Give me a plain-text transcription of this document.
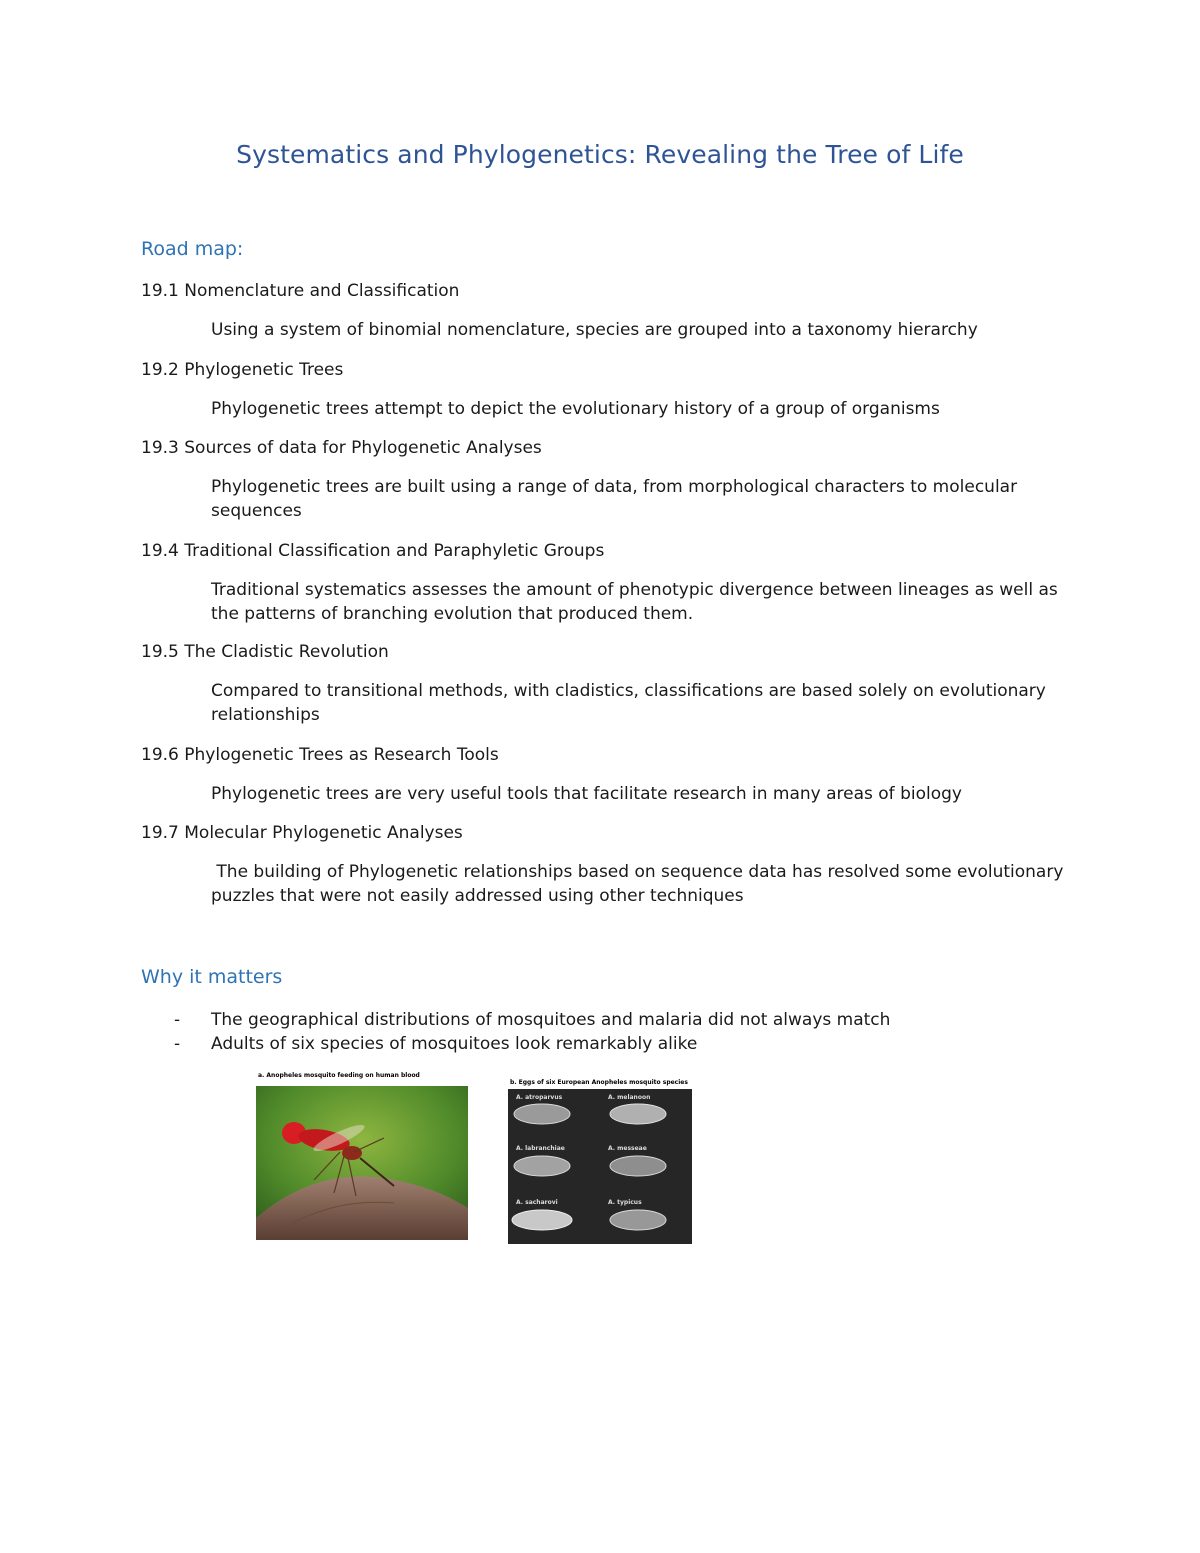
Systematics and Phylogenetics: Revealing the Tree of Life
Road map:
19.1 Nomenclature and Classification
Using a system of binomial nomenclature, species are grouped into a taxonomy hierarchy
19.2 Phylogenetic Trees
Phylogenetic trees attempt to depict the evolutionary history of a group of organisms
19.3 Sources of data for Phylogenetic Analyses
Phylogenetic trees are built using a range of data, from morphological characters to molecular sequences
19.4 Traditional Classification and Paraphyletic Groups
Traditional systematics assesses the amount of phenotypic divergence between lineages as well as the patterns of branching evolution that produced them.
19.5 The Cladistic Revolution
Compared to transitional methods, with cladistics, classifications are based solely on evolutionary relationships
19.6 Phylogenetic Trees as Research Tools
Phylogenetic trees are very useful tools that facilitate research in many areas of biology
19.7 Molecular Phylogenetic Analyses
The building of Phylogenetic relationships based on sequence data has resolved some evolutionary puzzles that were not easily addressed using other techniques
Why it matters
- The geographical distributions of mosquitoes and malaria did not always match
- Adults of six species of mosquitoes look remarkably alike
a. Anopheles mosquito feeding on human blood
b. Eggs of six European Anopheles mosquito species
A. atroparvus	A. melanoon
A. labranchiae	A. messeae
A. sacharovi	A. typicus
